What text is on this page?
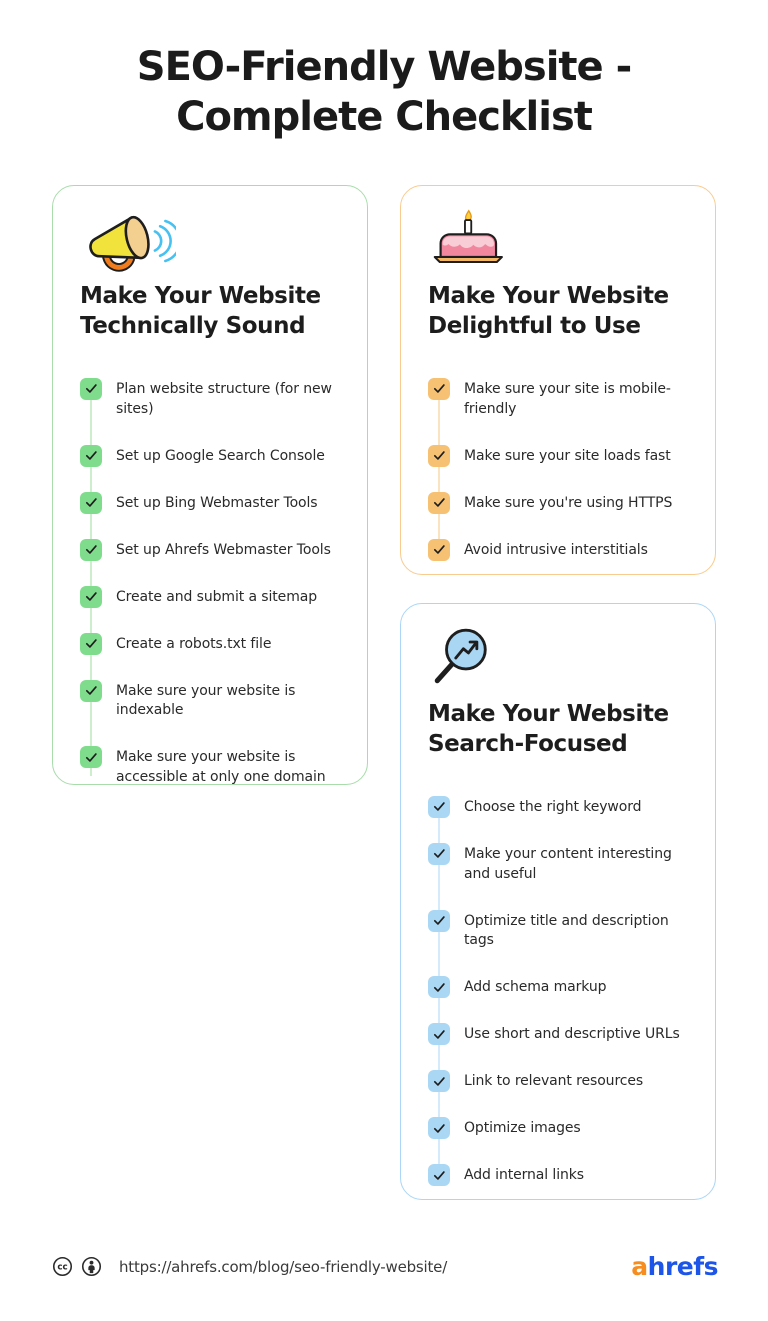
SEO-Friendly Website -
Complete Checklist
Make Your Website Technically Sound
Plan website structure (for new sites)
Set up Google Search Console
Set up Bing Webmaster Tools
Set up Ahrefs Webmaster Tools
Create and submit a sitemap
Create a robots.txt file
Make sure your website is indexable
Make sure your website is accessible at only one domain
Make Your Website Delightful to Use
Make sure your site is mobile-friendly
Make sure your site loads fast
Make sure you're using HTTPS
Avoid intrusive interstitials
Make Your Website Search-Focused
Choose the right keyword
Make your content interesting and useful
Optimize title and description tags
Add schema markup
Use short and descriptive URLs
Link to relevant resources
Optimize images
Add internal links
cc	https://ahrefs.com/blog/seo-friendly-website/	ahrefs
